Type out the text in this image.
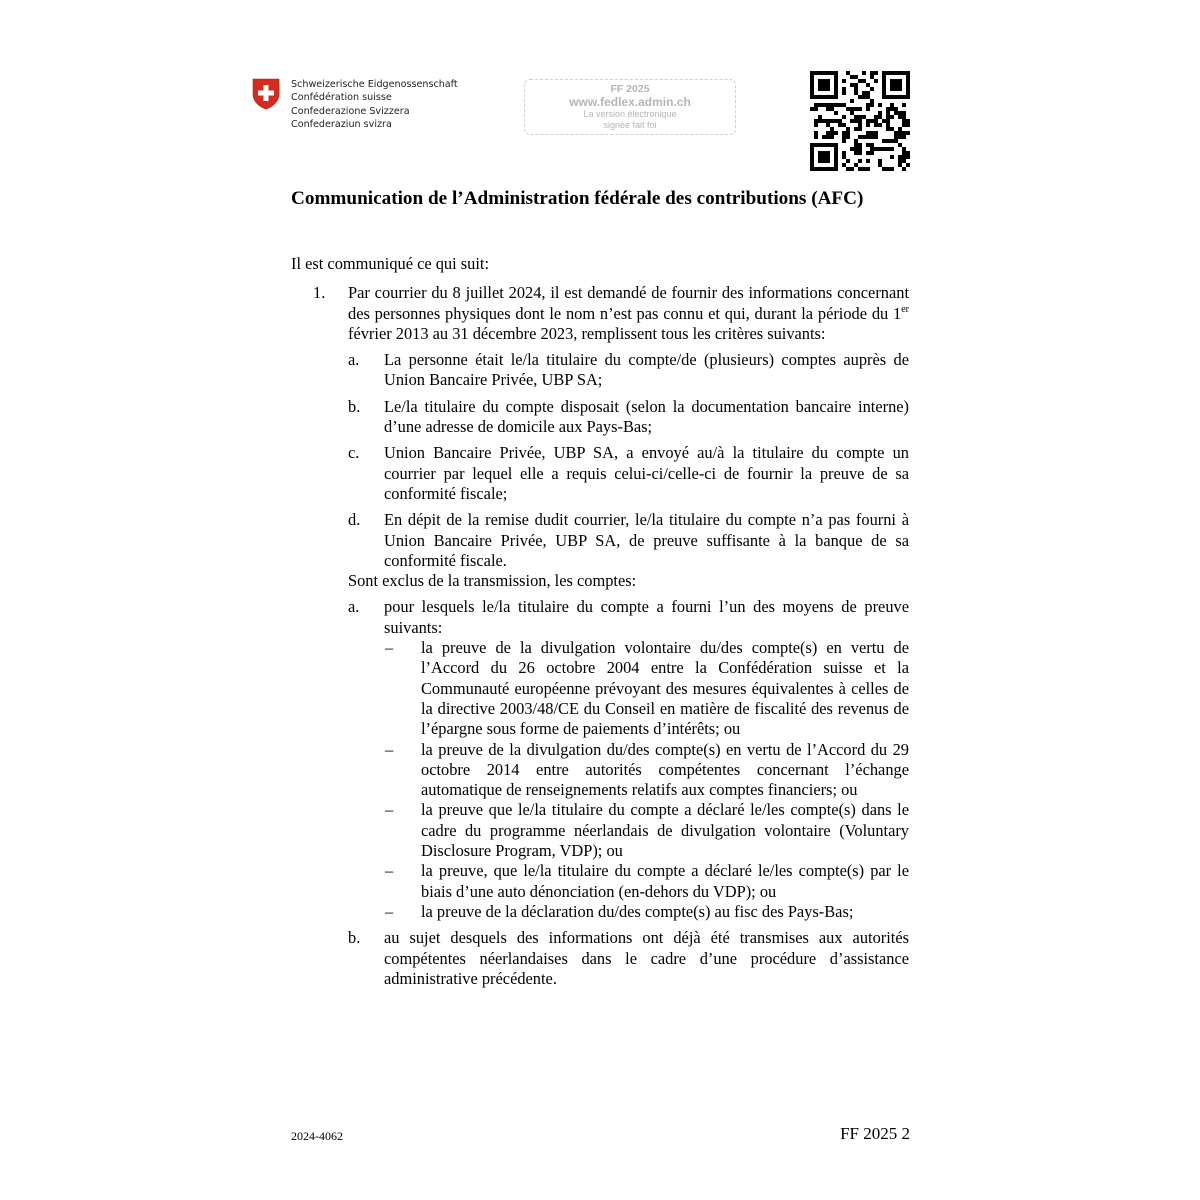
Schweizerische Eidgenossenschaft
Confédération suisse
Confederazione Svizzera
Confederaziun svizra
FF 2025
www.fedlex.admin.ch
La version électronique
signée fait foi
Communication de l’Administration fédérale des contributions (AFC)

Il est communiqué ce qui suit:

1.	Par courrier du 8 juillet 2024, il est demandé de fournir des informations concernant des personnes physiques dont le nom n’est pas connu et qui, durant la période du 1er février 2013 au 31 décembre 2023, remplissent tous les critères suivants:

a. La personne était le/la titulaire du compte/de (plusieurs) comptes auprès de Union Bancaire Privée, UBP SA;
b. Le/la titulaire du compte disposait (selon la documentation bancaire interne) d’une adresse de domicile aux Pays-Bas;
c. Union Bancaire Privée, UBP SA, a envoyé au/à la titulaire du compte un courrier par lequel elle a requis celui-ci/celle-ci de fournir la preuve de sa conformité fiscale;
d. En dépit de la remise dudit courrier, le/la titulaire du compte n’a pas fourni à Union Bancaire Privée, UBP SA, de preuve suffisante à la banque de sa conformité fiscale.

Sont exclus de la transmission, les comptes:

a. pour lesquels le/la titulaire du compte a fourni l’un des moyens de preuve suivants:
– la preuve de la divulgation volontaire du/des compte(s) en vertu de l’Accord du 26 octobre 2004 entre la Confédération suisse et la Communauté européenne prévoyant des mesures équivalentes à celles de la directive 2003/48/CE du Conseil en matière de fiscalité des revenus de l’épargne sous forme de paiements d’intérêts; ou
– la preuve de la divulgation du/des compte(s) en vertu de l’Accord du 29 octobre 2014 entre autorités compétentes concernant l’échange automatique de renseignements relatifs aux comptes financiers; ou
– la preuve que le/la titulaire du compte a déclaré le/les compte(s) dans le cadre du programme néerlandais de divulgation volontaire (Voluntary Disclosure Program, VDP); ou
– la preuve, que le/la titulaire du compte a déclaré le/les compte(s) par le biais d’une auto dénonciation (en-dehors du VDP); ou
– la preuve de la déclaration du/des compte(s) au fisc des Pays-Bas;
b. au sujet desquels des informations ont déjà été transmises aux autorités compétentes néerlandaises dans le cadre d’une procédure d’assistance administrative précédente.
2024-4062	FF 2025 2
